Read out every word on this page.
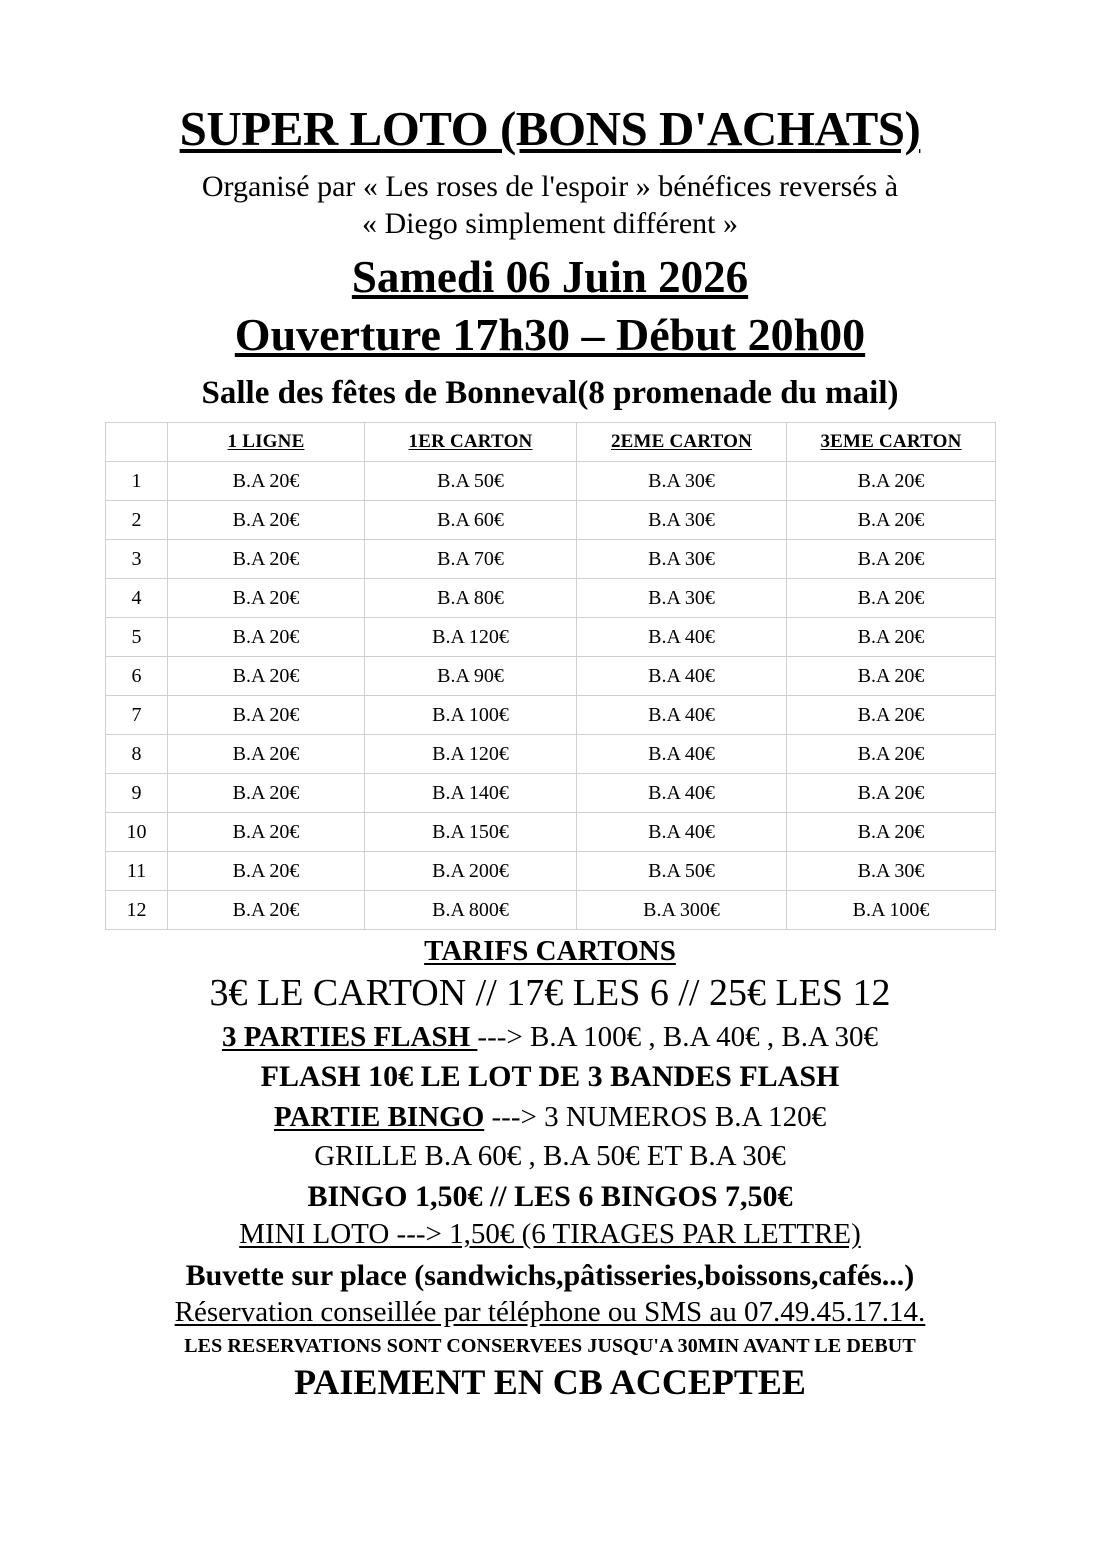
SUPER LOTO (BONS D'ACHATS)
Organisé par « Les roses de l'espoir » bénéfices reversés à
« Diego simplement différent »
Samedi 06 Juin 2026
Ouverture 17h30 – Début 20h00
Salle des fêtes de Bonneval(8 promenade du mail)
	1 LIGNE	1ER CARTON	2EME CARTON	3EME CARTON
1	B.A 20€	B.A 50€	B.A 30€	B.A 20€
2	B.A 20€	B.A 60€	B.A 30€	B.A 20€
3	B.A 20€	B.A 70€	B.A 30€	B.A 20€
4	B.A 20€	B.A 80€	B.A 30€	B.A 20€
5	B.A 20€	B.A 120€	B.A 40€	B.A 20€
6	B.A 20€	B.A 90€	B.A 40€	B.A 20€
7	B.A 20€	B.A 100€	B.A 40€	B.A 20€
8	B.A 20€	B.A 120€	B.A 40€	B.A 20€
9	B.A 20€	B.A 140€	B.A 40€	B.A 20€
10	B.A 20€	B.A 150€	B.A 40€	B.A 20€
11	B.A 20€	B.A 200€	B.A 50€	B.A 30€
12	B.A 20€	B.A 800€	B.A 300€	B.A 100€
TARIFS CARTONS
3€ LE CARTON // 17€ LES 6 // 25€ LES 12
3 PARTIES FLASH ---> B.A 100€ , B.A 40€ , B.A 30€
FLASH 10€ LE LOT DE 3 BANDES FLASH
PARTIE BINGO ---> 3 NUMEROS B.A 120€
GRILLE B.A 60€ , B.A 50€ ET B.A 30€
BINGO 1,50€ // LES 6 BINGOS 7,50€
MINI LOTO ---> 1,50€ (6 TIRAGES PAR LETTRE)
Buvette sur place (sandwichs,pâtisseries,boissons,cafés...)
Réservation conseillée par téléphone ou SMS au 07.49.45.17.14.
LES RESERVATIONS SONT CONSERVEES JUSQU'A 30MIN AVANT LE DEBUT
PAIEMENT EN CB ACCEPTEE
